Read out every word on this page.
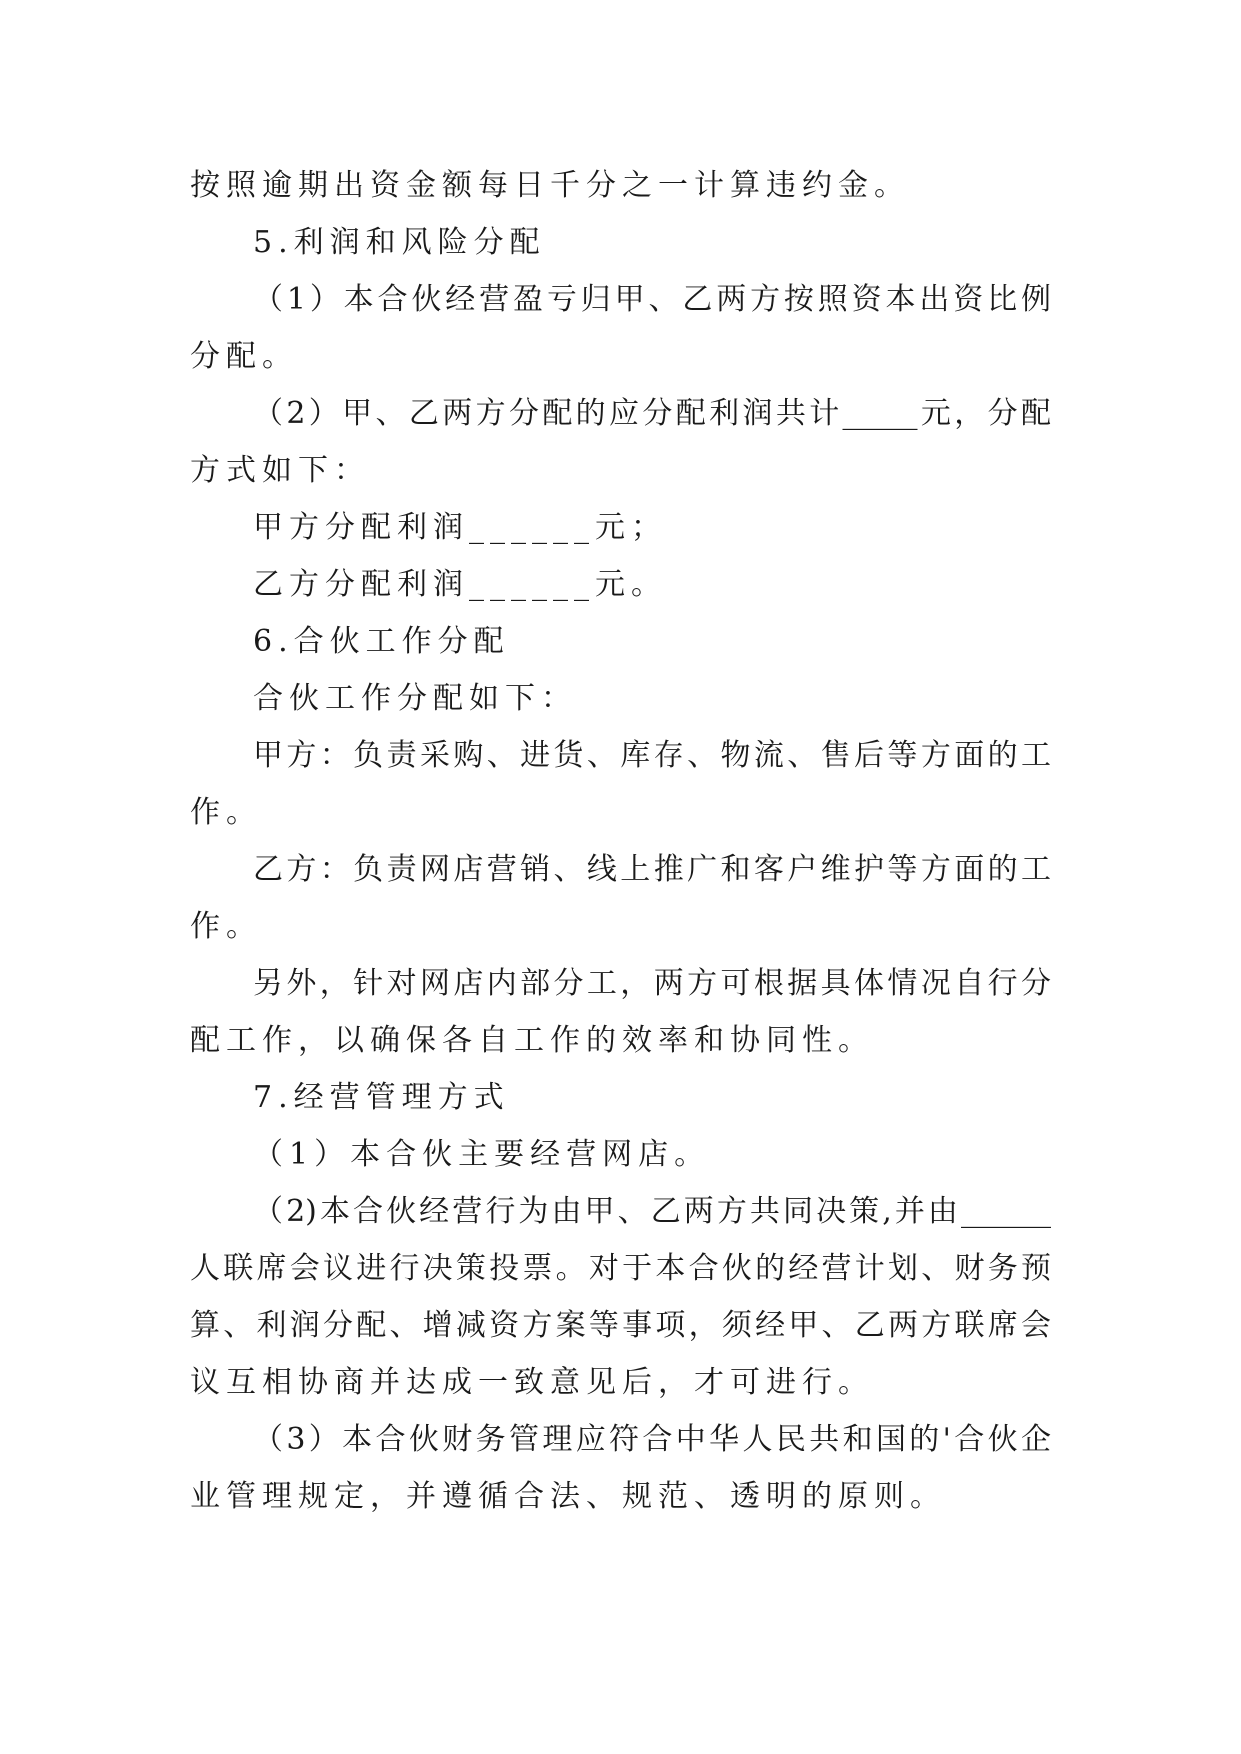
按照逾期出资金额每日千分之一计算违约金。
5.利润和风险分配
（1）本合伙经营盈亏归甲、乙两方按照资本出资比例
分配。
（2）甲、乙两方分配的应分配利润共计_____元，分配
方式如下：
甲方分配利润______元；
乙方分配利润______元。
6.合伙工作分配
合伙工作分配如下：
甲方：负责采购、进货、库存、物流、售后等方面的工
作。
乙方：负责网店营销、线上推广和客户维护等方面的工
作。
另外，针对网店内部分工，两方可根据具体情况自行分
配工作，以确保各自工作的效率和协同性。
7.经营管理方式
（1）本合伙主要经营网店。
（2)本合伙经营行为由甲、乙两方共同决策,并由______
人联席会议进行决策投票。对于本合伙的经营计划、财务预
算、利润分配、增减资方案等事项，须经甲、乙两方联席会
议互相协商并达成一致意见后，才可进行。
（3）本合伙财务管理应符合中华人民共和国的'合伙企
业管理规定，并遵循合法、规范、透明的原则。
